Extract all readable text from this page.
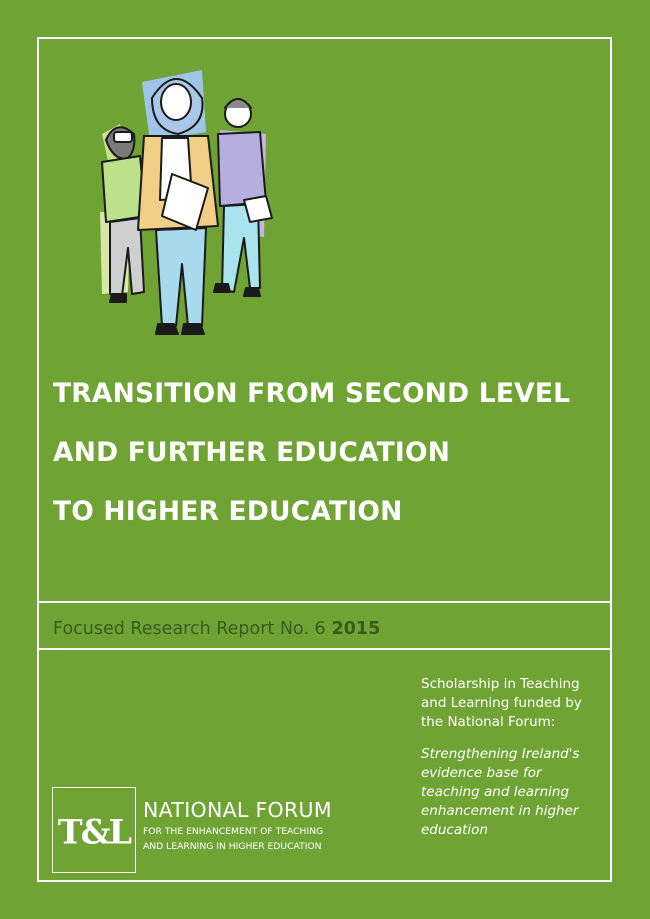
TRANSITION FROM SECOND LEVEL
AND FURTHER EDUCATION
TO HIGHER EDUCATION
Focused Research Report No. 6 2015
Scholarship in Teaching
and Learning funded by
the National Forum:
Strengthening Ireland's
evidence base for
teaching and learning
enhancement in higher
education
T&L
NATIONAL FORUM
FOR THE ENHANCEMENT OF TEACHING
AND LEARNING IN HIGHER EDUCATION
